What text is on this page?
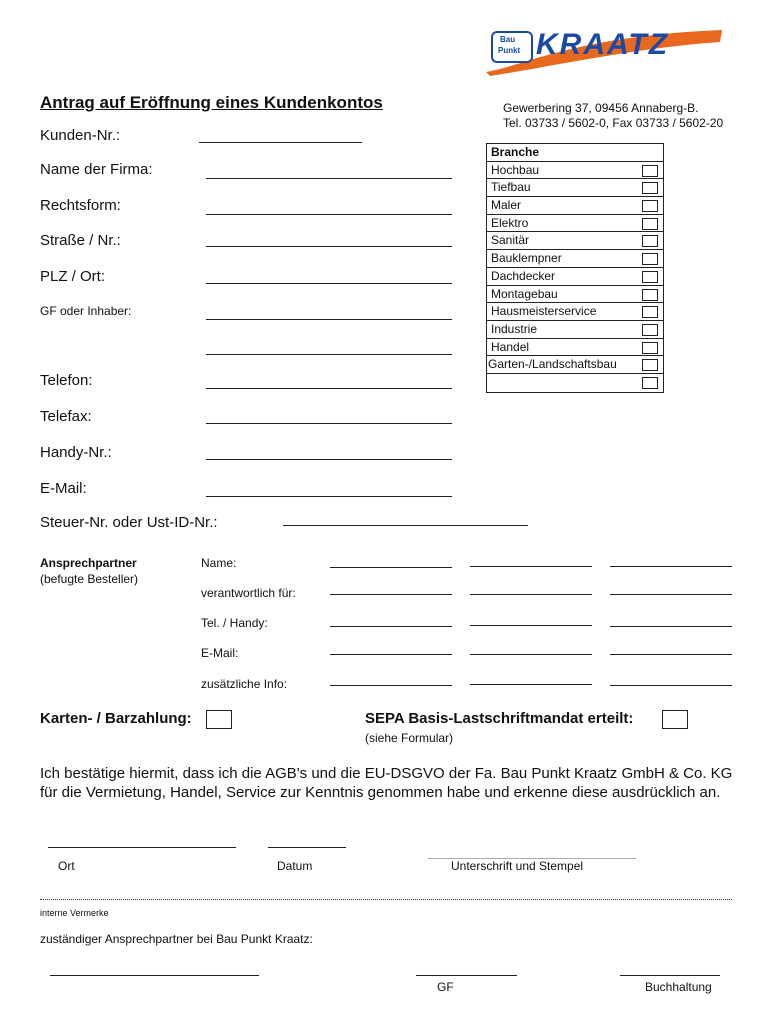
Bau
Punkt KRAATZ
Antrag auf Eröffnung eines Kundenkontos	Gewerbering 37, 09456 Annaberg-B.
Tel. 03733 / 5602-0, Fax 03733 / 5602-20
Kunden-Nr.:
Name der Firma:
Rechtsform:
Straße / Nr.:
PLZ / Ort:
GF oder Inhaber:
Telefon:
Telefax:
Handy-Nr.:
E-Mail:
Steuer-Nr. oder Ust-ID-Nr.:
Branche
Hochbau
Tiefbau
Maler
Elektro
Sanitär
Bauklempner
Dachdecker
Montagebau
Hausmeisterservice
Industrie
Handel
Garten-/Landschaftsbau
Ansprechpartner
(befugte Besteller)
Name:
verantwortlich für:
Tel. / Handy:
E-Mail:
zusätzliche Info:
Karten- / Barzahlung:	SEPA Basis-Lastschriftmandat erteilt:
(siehe Formular)
Ich bestätige hiermit, dass ich die AGB's und die EU-DSGVO der Fa. Bau Punkt Kraatz GmbH & Co. KG
für die Vermietung, Handel, Service zur Kenntnis genommen habe und erkenne diese ausdrücklich an.
Ort	Datum	Unterschrift und Stempel
interne Vermerke
zuständiger Ansprechpartner bei Bau Punkt Kraatz:
GF	Buchhaltung
